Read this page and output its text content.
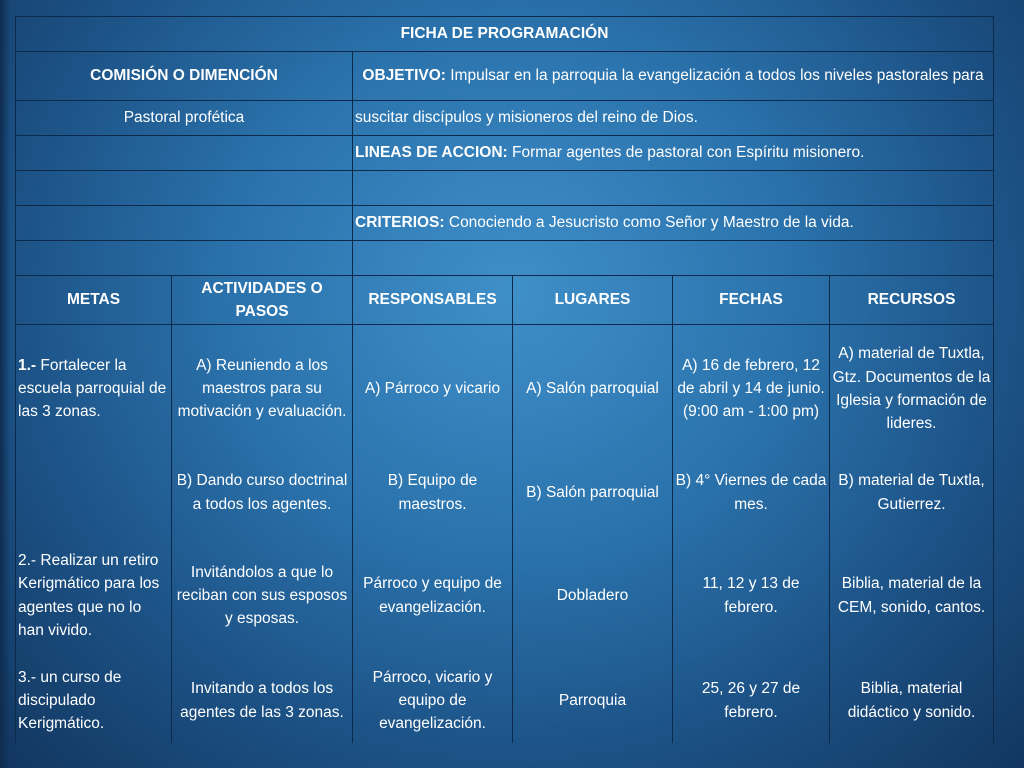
FICHA DE PROGRAMACIÓN					
COMISIÓN O DIMENCIÓN		OBJETIVO: Impulsar en la parroquia la evangelización a todos los niveles pastorales para			
Pastoral profética		suscitar discípulos y misioneros del reino de Dios.			
		LINEAS DE ACCION: Formar agentes de pastoral con Espíritu misionero.			

		CRITERIOS: Conociendo a Jesucristo como Señor y Maestro de la vida.			

METAS	ACTIVIDADES O PASOS	RESPONSABLES	LUGARES	FECHAS	RECURSOS
1.- Fortalecer la escuela parroquial de las 3 zonas.	A) Reuniendo a los maestros para su motivación y evaluación.	A) Párroco y vicario	A) Salón parroquial	A) 16 de febrero, 12 de abril y 14 de junio. (9:00 am - 1:00 pm)	A) material de Tuxtla, Gtz. Documentos de la Iglesia y formación de lideres.
	B) Dando curso doctrinal a todos los agentes.	B) Equipo de maestros.	B) Salón parroquial	B) 4° Viernes de cada mes.	B) material de Tuxtla, Gutierrez.
2.- Realizar un retiro Kerigmático para los agentes que no lo han vivido.	Invitándolos a que lo reciban con sus esposos y esposas.	Párroco y equipo de evangelización.	Dobladero	11, 12 y 13 de febrero.	Biblia, material de la CEM, sonido, cantos.
3.- un curso de discipulado Kerigmático.	Invitando a todos los agentes de las 3 zonas.	Párroco, vicario y equipo de evangelización.	Parroquia	25, 26 y 27 de febrero.	Biblia, material didáctico y sonido.
